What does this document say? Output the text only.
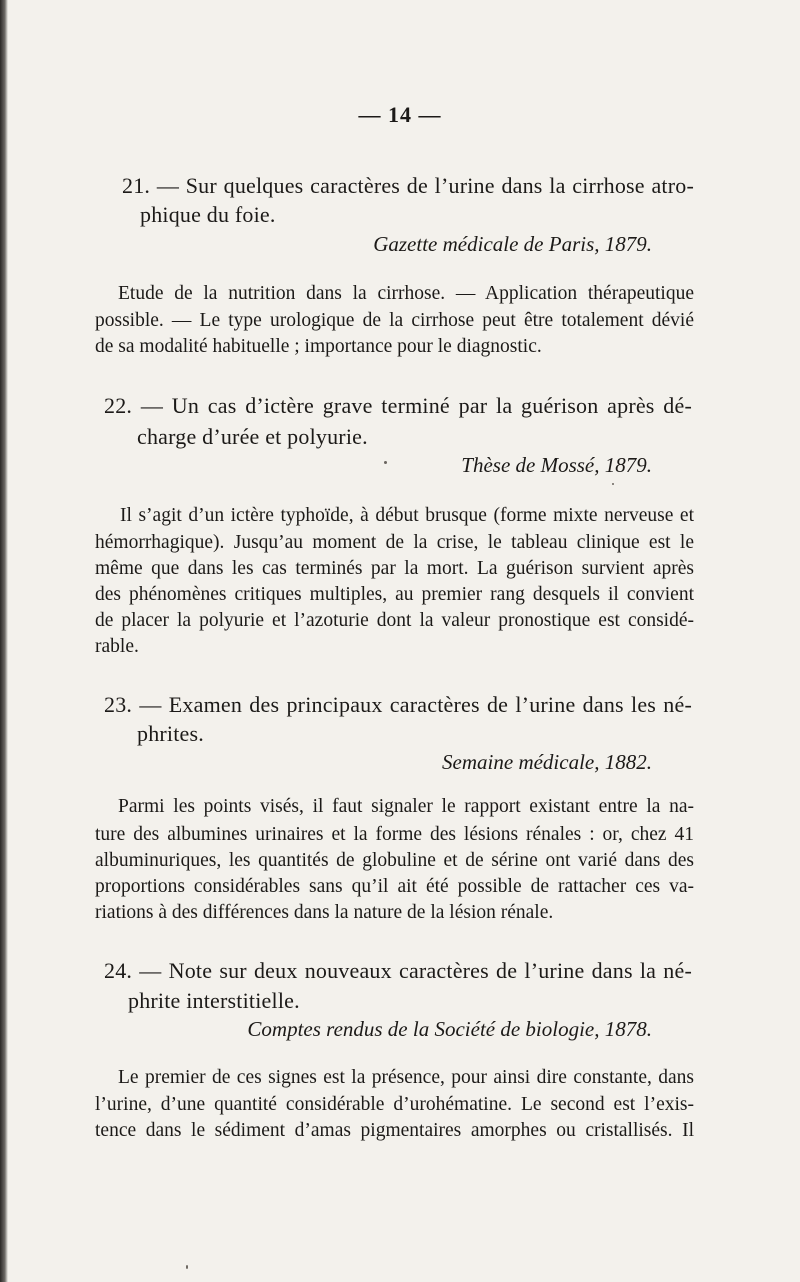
— 14 —
21. — Sur quelques caractères de l’urine dans la cirrhose atro-
phique du foie.
Gazette médicale de Paris, 1879.
Etude de la nutrition dans la cirrhose. — Application thérapeutique
possible. — Le type urologique de la cirrhose peut être totalement dévié
de sa modalité habituelle ; importance pour le diagnostic.
22. — Un cas d’ictère grave terminé par la guérison après dé-
charge d’urée et polyurie.
Thèse de Mossé, 1879.
Il s’agit d’un ictère typhoïde, à début brusque (forme mixte nerveuse et
hémorrhagique). Jusqu’au moment de la crise, le tableau clinique est le
même que dans les cas terminés par la mort. La guérison survient après
des phénomènes critiques multiples, au premier rang desquels il convient
de placer la polyurie et l’azoturie dont la valeur pronostique est considé-
rable.
23. — Examen des principaux caractères de l’urine dans les né-
phrites.
Semaine médicale, 1882.
Parmi les points visés, il faut signaler le rapport existant entre la na-
ture des albumines urinaires et la forme des lésions rénales : or, chez 41
albuminuriques, les quantités de globuline et de sérine ont varié dans des
proportions considérables sans qu’il ait été possible de rattacher ces va-
riations à des différences dans la nature de la lésion rénale.
24. — Note sur deux nouveaux caractères de l’urine dans la né-
phrite interstitielle.
Comptes rendus de la Société de biologie, 1878.
Le premier de ces signes est la présence, pour ainsi dire constante, dans
l’urine, d’une quantité considérable d’urohématine. Le second est l’exis-
tence dans le sédiment d’amas pigmentaires amorphes ou cristallisés. Il
